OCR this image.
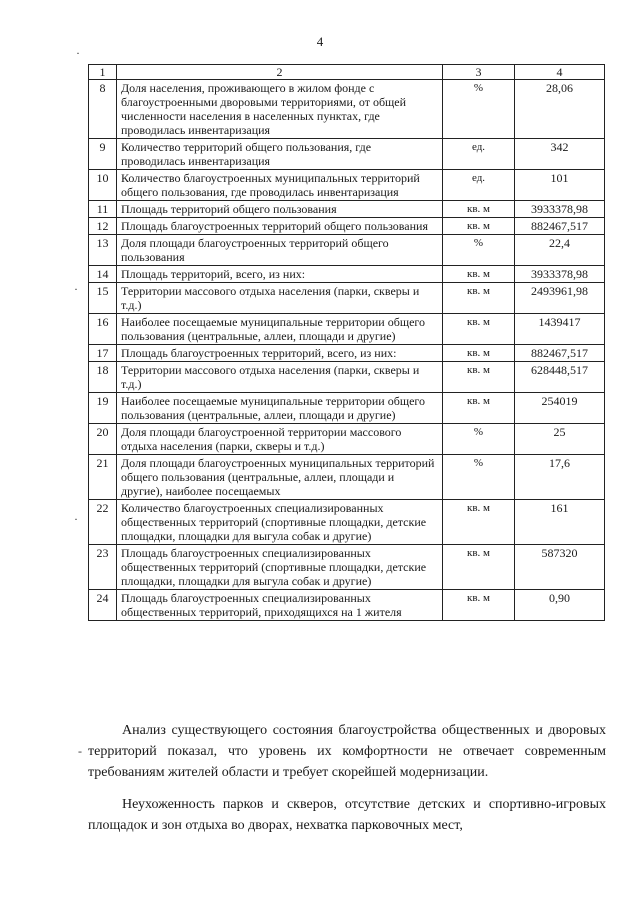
4
·
·
·
-
1	2	3	4
8	Доля населения, проживающего в жилом фонде с благоустроенными дворовыми территориями, от общей численности населения в населенных пунктах, где проводилась инвентаризация	%	28,06
9	Количество территорий общего пользования, где проводилась инвентаризация	ед.	342
10	Количество благоустроенных муниципальных территорий общего пользования, где проводилась инвентаризация	ед.	101
11	Площадь территорий общего пользования	кв. м	3933378,98
12	Площадь благоустроенных территорий общего пользования	кв. м	882467,517
13	Доля площади благоустроенных территорий общего пользования	%	22,4
14	Площадь территорий, всего, из них:	кв. м	3933378,98
15	Территории массового отдыха населения (парки, скверы и т.д.)	кв. м	2493961,98
16	Наиболее посещаемые муниципальные территории общего пользования (центральные, аллеи, площади и другие)	кв. м	1439417
17	Площадь благоустроенных территорий, всего, из них:	кв. м	882467,517
18	Территории массового отдыха населения (парки, скверы и т.д.)	кв. м	628448,517
19	Наиболее посещаемые муниципальные территории общего пользования (центральные, аллеи, площади и другие)	кв. м	254019
20	Доля площади благоустроенной территории массового отдыха населения (парки, скверы и т.д.)	%	25
21	Доля площади благоустроенных муниципальных территорий общего пользования (центральные, аллеи, площади и другие), наиболее посещаемых	%	17,6
22	Количество благоустроенных специализированных общественных территорий (спортивные площадки, детские площадки, площадки для выгула собак и другие)	кв. м	161
23	Площадь благоустроенных специализированных общественных территорий (спортивные площадки, детские площадки, площадки для выгула собак и другие)	кв. м	587320
24	Площадь благоустроенных специализированных общественных территорий, приходящихся на 1 жителя	кв. м	0,90

Анализ существующего состояния благоустройства общественных и дворовых территорий показал, что уровень их комфортности не отвечает современным требованиям жителей области и требует скорейшей модернизации.

Неухоженность парков и скверов, отсутствие детских и спортивно-игровых площадок и зон отдыха во дворах, нехватка парковочных мест,
